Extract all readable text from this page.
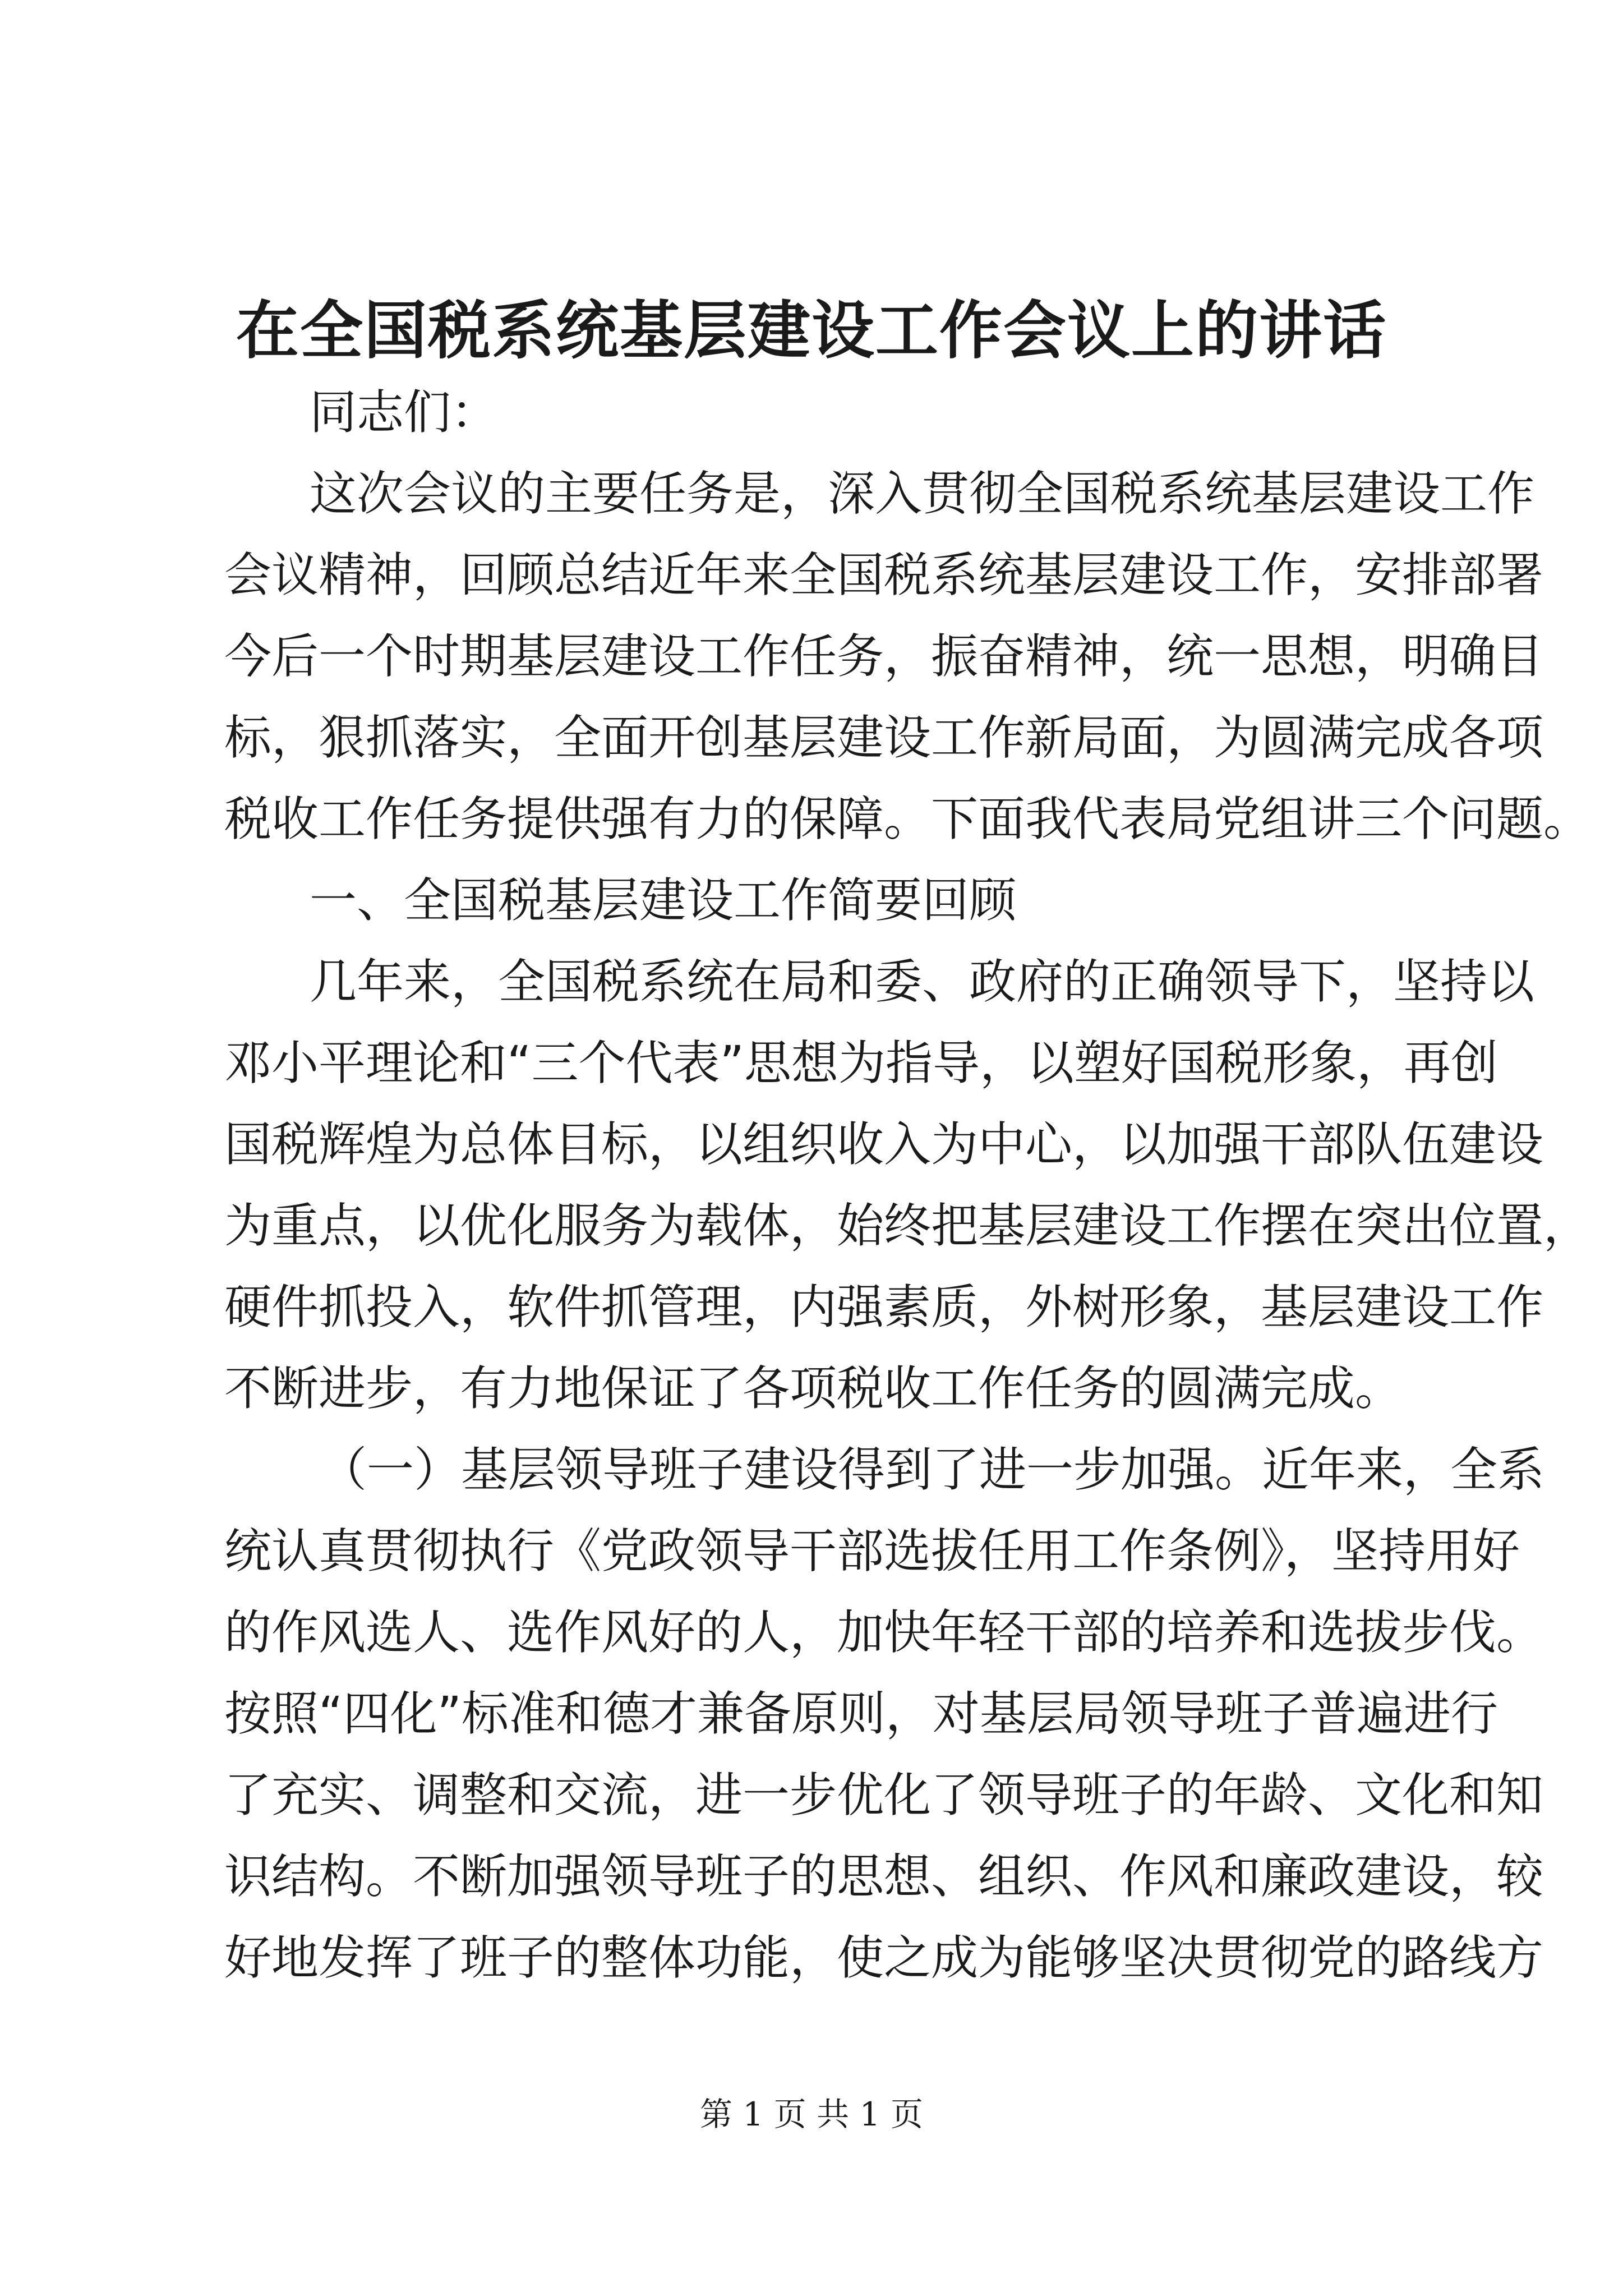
在全国税系统基层建设工作会议上的讲话
同志们：
这次会议的主要任务是，深入贯彻全国税系统基层建设工作
会议精神，回顾总结近年来全国税系统基层建设工作，安排部署
今后一个时期基层建设工作任务，振奋精神，统一思想，明确目
标，狠抓落实，全面开创基层建设工作新局面，为圆满完成各项
税收工作任务提供强有力的保障。下面我代表局党组讲三个问题。
一、全国税基层建设工作简要回顾
几年来，全国税系统在局和委、政府的正确领导下，坚持以
邓小平理论和“三个代表”思想为指导，以塑好国税形象，再创
国税辉煌为总体目标，以组织收入为中心，以加强干部队伍建设
为重点，以优化服务为载体，始终把基层建设工作摆在突出位置，
硬件抓投入，软件抓管理，内强素质，外树形象，基层建设工作
不断进步，有力地保证了各项税收工作任务的圆满完成。
（一）基层领导班子建设得到了进一步加强。近年来，全系
统认真贯彻执行《党政领导干部选拔任用工作条例》，坚持用好
的作风选人、选作风好的人，加快年轻干部的培养和选拔步伐。
按照“四化”标准和德才兼备原则，对基层局领导班子普遍进行
了充实、调整和交流，进一步优化了领导班子的年龄、文化和知
识结构。不断加强领导班子的思想、组织、作风和廉政建设，较
好地发挥了班子的整体功能，使之成为能够坚决贯彻党的路线方
第 1 页 共 1 页
